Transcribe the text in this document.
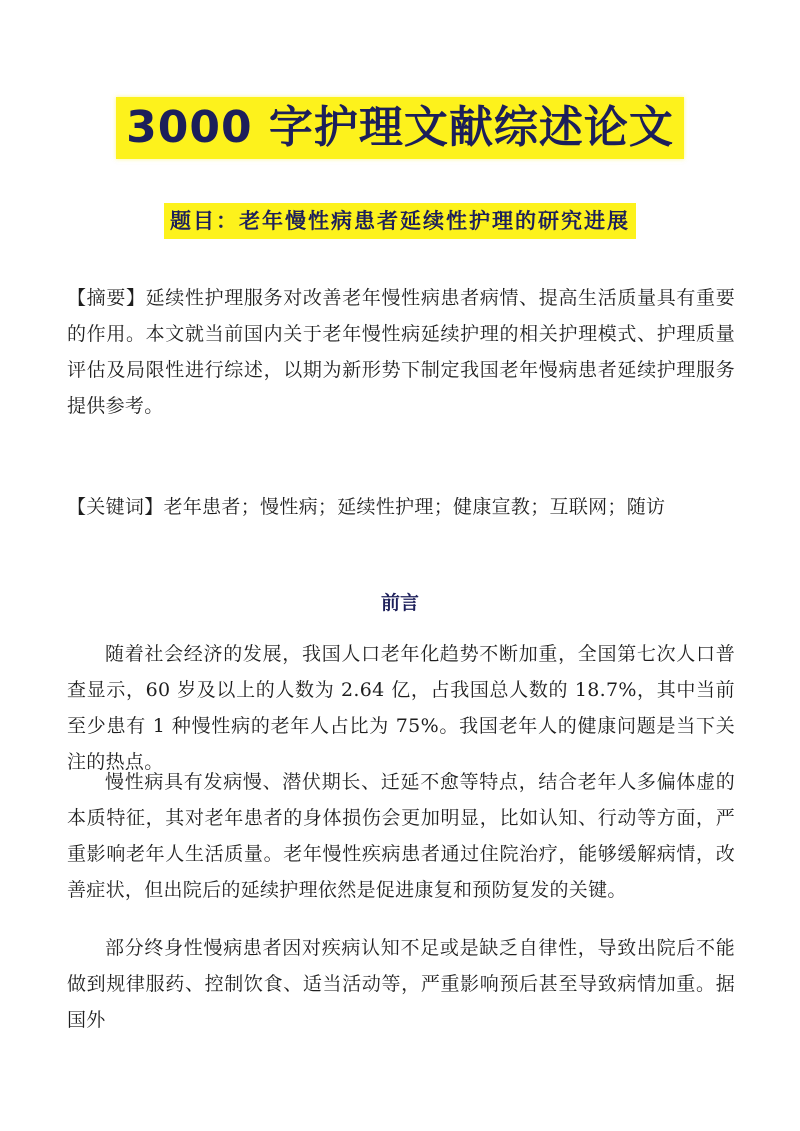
3000 字护理文献综述论文
题目：老年慢性病患者延续性护理的研究进展
【摘要】延续性护理服务对改善老年慢性病患者病情、提高生活质量具有重要的作用。本文就当前国内关于老年慢性病延续护理的相关护理模式、护理质量评估及局限性进行综述，以期为新形势下制定我国老年慢病患者延续护理服务提供参考。
【关键词】老年患者；慢性病；延续性护理；健康宣教；互联网；随访
前言
随着社会经济的发展，我国人口老年化趋势不断加重，全国第七次人口普查显示，60 岁及以上的人数为 2.64 亿，占我国总人数的 18.7%，其中当前至少患有 1 种慢性病的老年人占比为 75%。我国老年人的健康问题是当下关注的热点。
慢性病具有发病慢、潜伏期长、迁延不愈等特点，结合老年人多偏体虚的本质特征，其对老年患者的身体损伤会更加明显，比如认知、行动等方面，严重影响老年人生活质量。老年慢性疾病患者通过住院治疗，能够缓解病情，改善症状，但出院后的延续护理依然是促进康复和预防复发的关键。
部分终身性慢病患者因对疾病认知不足或是缺乏自律性，导致出院后不能做到规律服药、控制饮食、适当活动等，严重影响预后甚至导致病情加重。据国外
